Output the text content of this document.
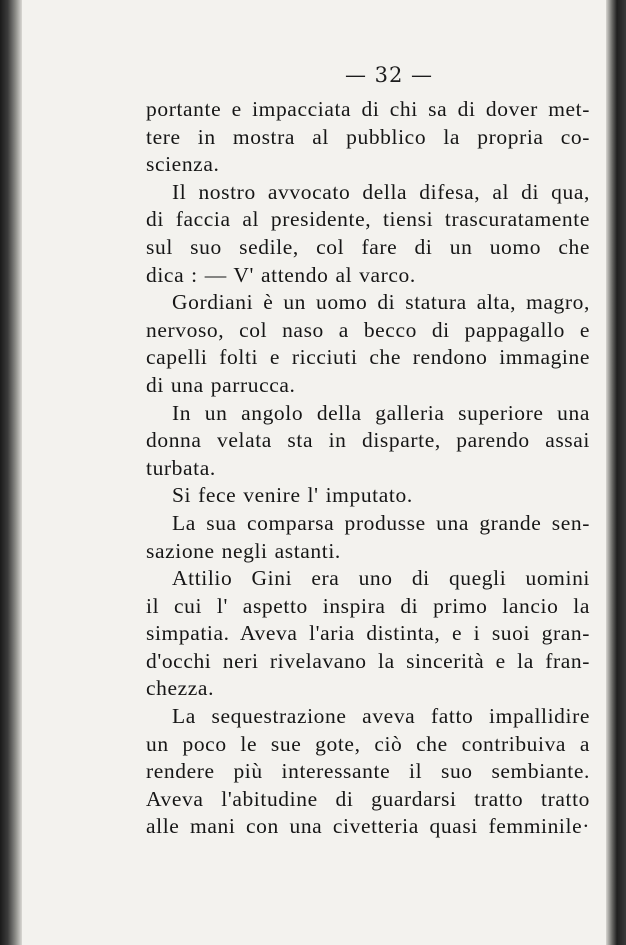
— 32 —
portante e impacciata di chi sa di dover met-
tere in mostra al pubblico la propria co-
scienza.
Il nostro avvocato della difesa, al di qua,
di faccia al presidente, tiensi trascuratamente
sul suo sedile, col fare di un uomo che
dica : — V' attendo al varco.
Gordiani è un uomo di statura alta, magro,
nervoso, col naso a becco di pappagallo e
capelli folti e ricciuti che rendono immagine
di una parrucca.
In un angolo della galleria superiore una
donna velata sta in disparte, parendo assai
turbata.
Si fece venire l' imputato.
La sua comparsa produsse una grande sen-
sazione negli astanti.
Attilio Gini era uno di quegli uomini
il cui l' aspetto inspira di primo lancio la
simpatia. Aveva l'aria distinta, e i suoi gran-
d'occhi neri rivelavano la sincerità e la fran-
chezza.
La sequestrazione aveva fatto impallidire
un poco le sue gote, ciò che contribuiva a
rendere più interessante il suo sembiante.
Aveva l'abitudine di guardarsi tratto tratto
alle mani con una civetteria quasi femminile·
